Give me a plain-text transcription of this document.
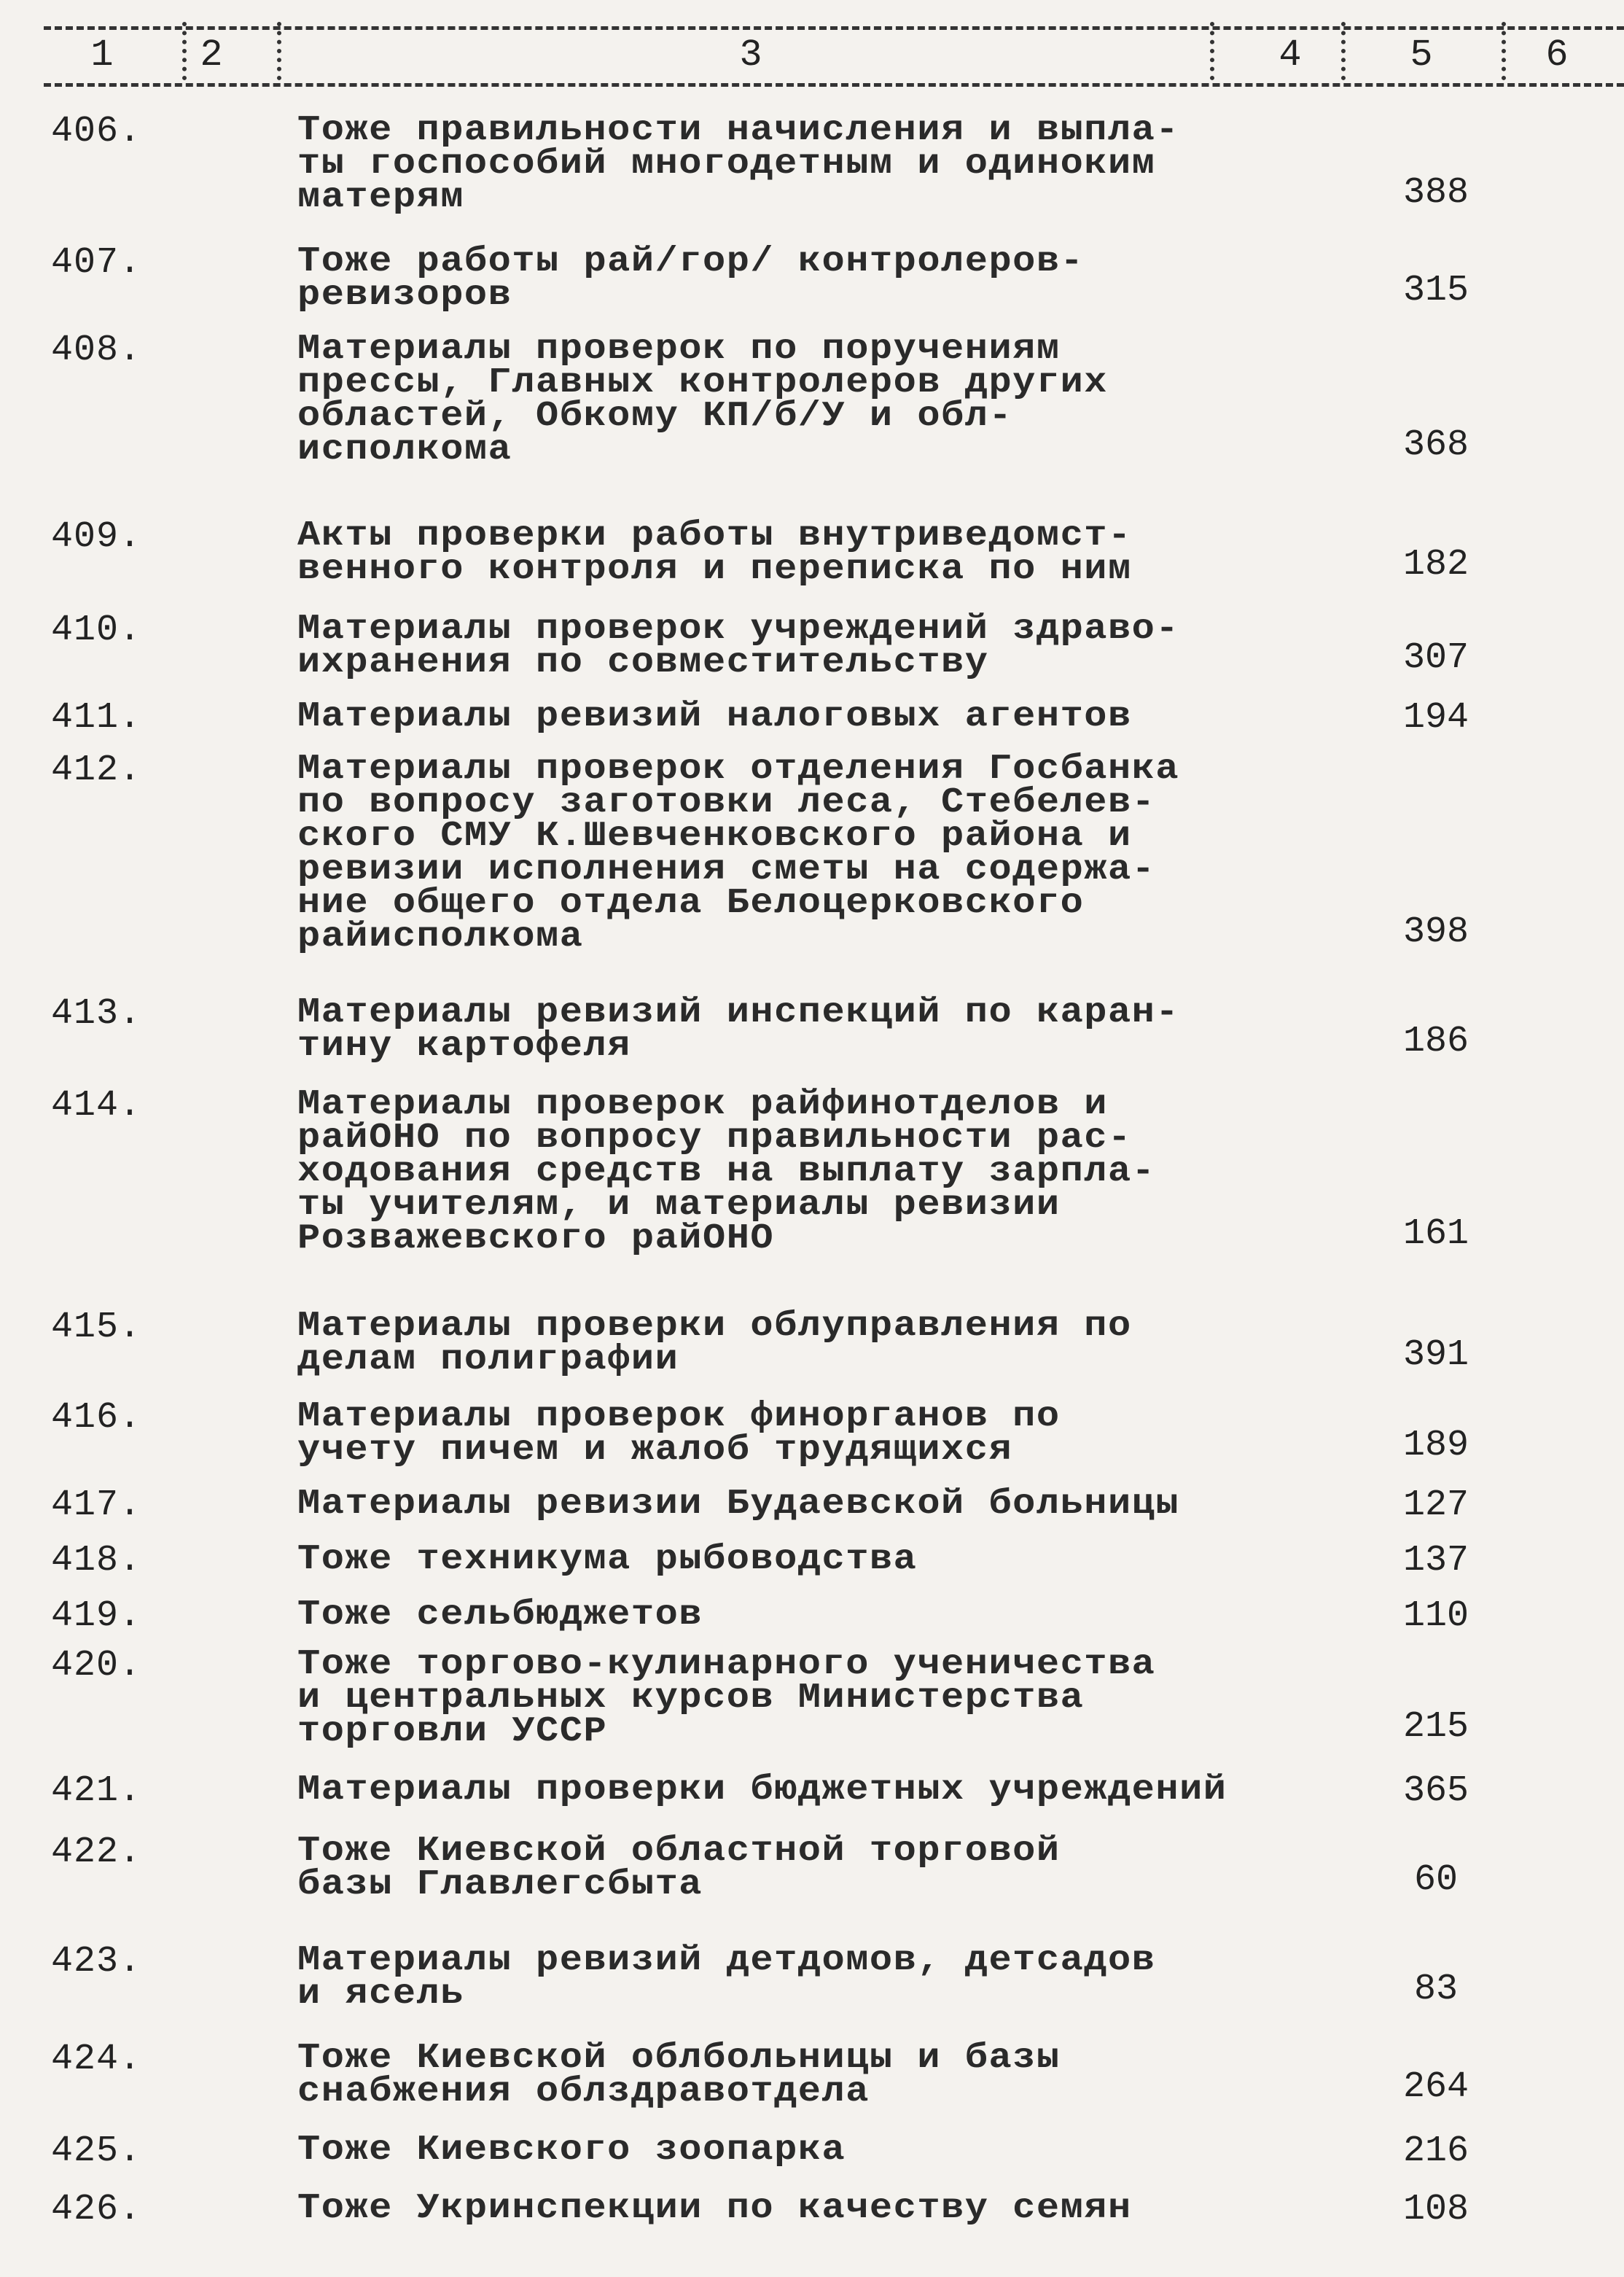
1 2	3	4	5	6
406.	Тоже правильности начисления и выпла-
ты госпособий многодетным и одиноким
матерям	388
407.	Тоже работы рай/гор/ контролеров-
ревизоров	315
408.	Материалы проверок по поручениям
прессы, Главных контролеров других
областей, Обкому КП/б/У и обл-
исполкома	368
409.	Акты проверки работы внутриведомст-
венного контроля и переписка по ним	182
410.	Материалы проверок учреждений здраво-
ихранения по совместительству	307
411.	Материалы ревизий налоговых агентов	194
412.	Материалы проверок отделения Госбанка
по вопросу заготовки леса, Стебелев-
ского СМУ К.Шевченковского района и
ревизии исполнения сметы на содержа-
ние общего отдела Белоцерковского
райисполкома	398
413.	Материалы ревизий инспекций по каран-
тину картофеля	186
414.	Материалы проверок райфинотделов и
райОНО по вопросу правильности рас-
ходования средств на выплату зарпла-
ты учителям, и материалы ревизии
Розважевского райОНО	161
415.	Материалы проверки облуправления по
делам полиграфии	391
416.	Материалы проверок финорганов по
учету пичем и жалоб трудящихся	189
417.	Материалы ревизии Будаевской больницы	127
418.	Тоже техникума рыбоводства	137
419.	Тоже сельбюджетов	110
420.	Тоже торгово-кулинарного ученичества
и центральных курсов Министерства
торговли УССР	215
421.	Материалы проверки бюджетных учреждений	365
422.	Тоже Киевской областной торговой
базы Главлегсбыта	60
423.	Материалы ревизий детдомов, детсадов
и ясель	83
424.	Тоже Киевской облбольницы и базы
снабжения облздравотдела	264
425.	Тоже Киевского зоопарка	216
426.	Тоже Укринспекции по качеству семян	108
